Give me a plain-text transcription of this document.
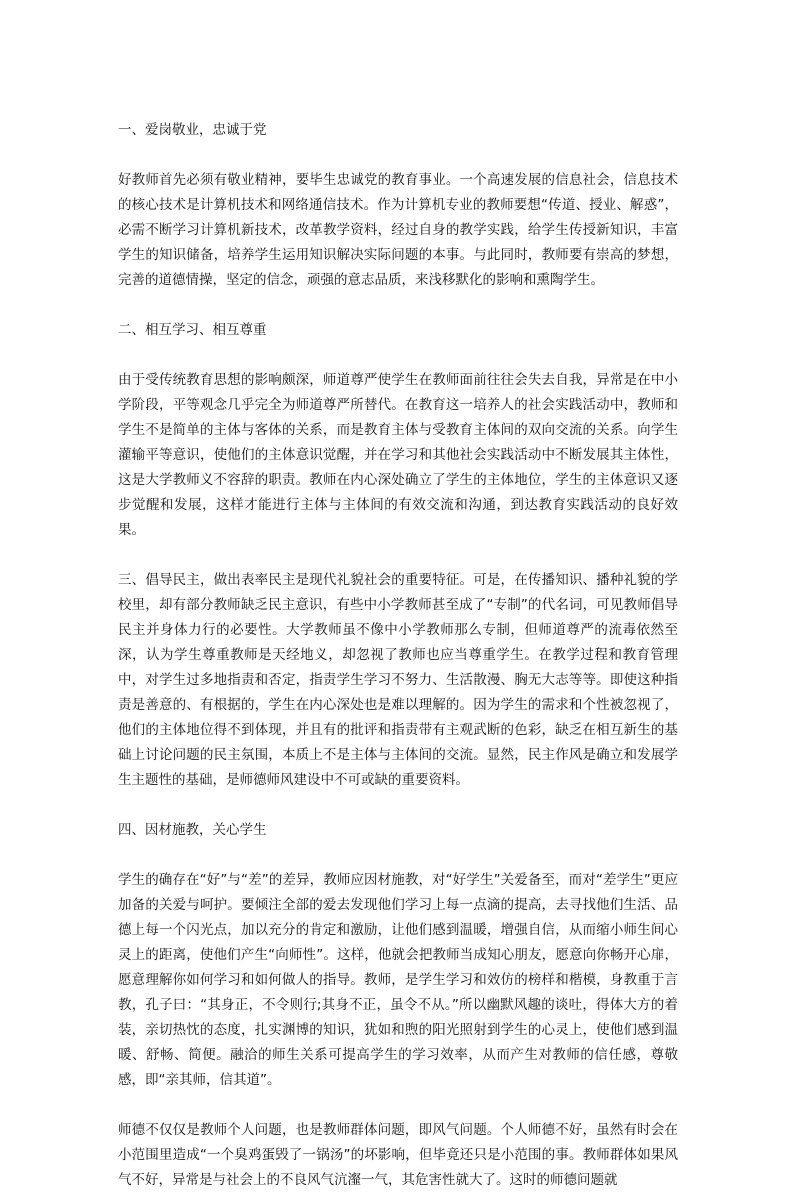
一、爱岗敬业，忠诚于党

好教师首先必须有敬业精神，要毕生忠诚党的教育事业。一个高速发展的信息社会，信息技术的核心技术是计算机技术和网络通信技术。作为计算机专业的教师要想“传道、授业、解惑”，必需不断学习计算机新技术，改革教学资料，经过自身的教学实践，给学生传授新知识，丰富学生的知识储备，培养学生运用知识解决实际问题的本事。与此同时，教师要有崇高的梦想，完善的道德情操，坚定的信念，顽强的意志品质，来浅移默化的影响和熏陶学生。

二、相互学习、相互尊重

由于受传统教育思想的影响颇深，师道尊严使学生在教师面前往往会失去自我，异常是在中小学阶段，平等观念几乎完全为师道尊严所替代。在教育这一培养人的社会实践活动中，教师和学生不是简单的主体与客体的关系，而是教育主体与受教育主体间的双向交流的关系。向学生灌输平等意识，使他们的主体意识觉醒，并在学习和其他社会实践活动中不断发展其主体性，这是大学教师义不容辞的职责。教师在内心深处确立了学生的主体地位，学生的主体意识又逐步觉醒和发展，这样才能进行主体与主体间的有效交流和沟通，到达教育实践活动的良好效果。

三、倡导民主，做出表率民主是现代礼貌社会的重要特征。可是，在传播知识、播种礼貌的学校里，却有部分教师缺乏民主意识，有些中小学教师甚至成了“专制”的代名词，可见教师倡导民主并身体力行的必要性。大学教师虽不像中小学教师那么专制，但师道尊严的流毒依然至深，认为学生尊重教师是天经地义，却忽视了教师也应当尊重学生。在教学过程和教育管理中，对学生过多地指责和否定，指责学生学习不努力、生活散漫、胸无大志等等。即使这种指责是善意的、有根据的，学生在内心深处也是难以理解的。因为学生的需求和个性被忽视了，他们的主体地位得不到体现，并且有的批评和指责带有主观武断的色彩，缺乏在相互新生的基础上讨论问题的民主氛围，本质上不是主体与主体间的交流。显然，民主作风是确立和发展学生主题性的基础，是师德师风建设中不可或缺的重要资料。

四、因材施教，关心学生

学生的确存在“好”与“差”的差异，教师应因材施教，对“好学生”关爱备至，而对“差学生”更应加备的关爱与呵护。要倾注全部的爱去发现他们学习上每一点滴的提高，去寻找他们生活、品德上每一个闪光点，加以充分的肯定和激励，让他们感到温暖，增强自信，从而缩小师生间心灵上的距离，使他们产生“向师性”。这样，他就会把教师当成知心朋友，愿意向你畅开心扉，愿意理解你如何学习和如何做人的指导。教师，是学生学习和效仿的榜样和楷模，身教重于言教，孔子曰：“其身正，不令则行;其身不正，虽令不从。”所以幽默风趣的谈吐，得体大方的着装，亲切热忱的态度，扎实渊博的知识，犹如和煦的阳光照射到学生的心灵上，使他们感到温暖、舒畅、简便。融洽的师生关系可提高学生的学习效率，从而产生对教师的信任感，尊敬感，即“亲其师，信其道”。

师德不仅仅是教师个人问题，也是教师群体问题，即风气问题。个人师德不好，虽然有时会在小范围里造成“一个臭鸡蛋毁了一锅汤”的坏影响，但毕竟还只是小范围的事。教师群体如果风气不好，异常是与社会上的不良风气沆瀣一气，其危害性就大了。这时的师德问题就
